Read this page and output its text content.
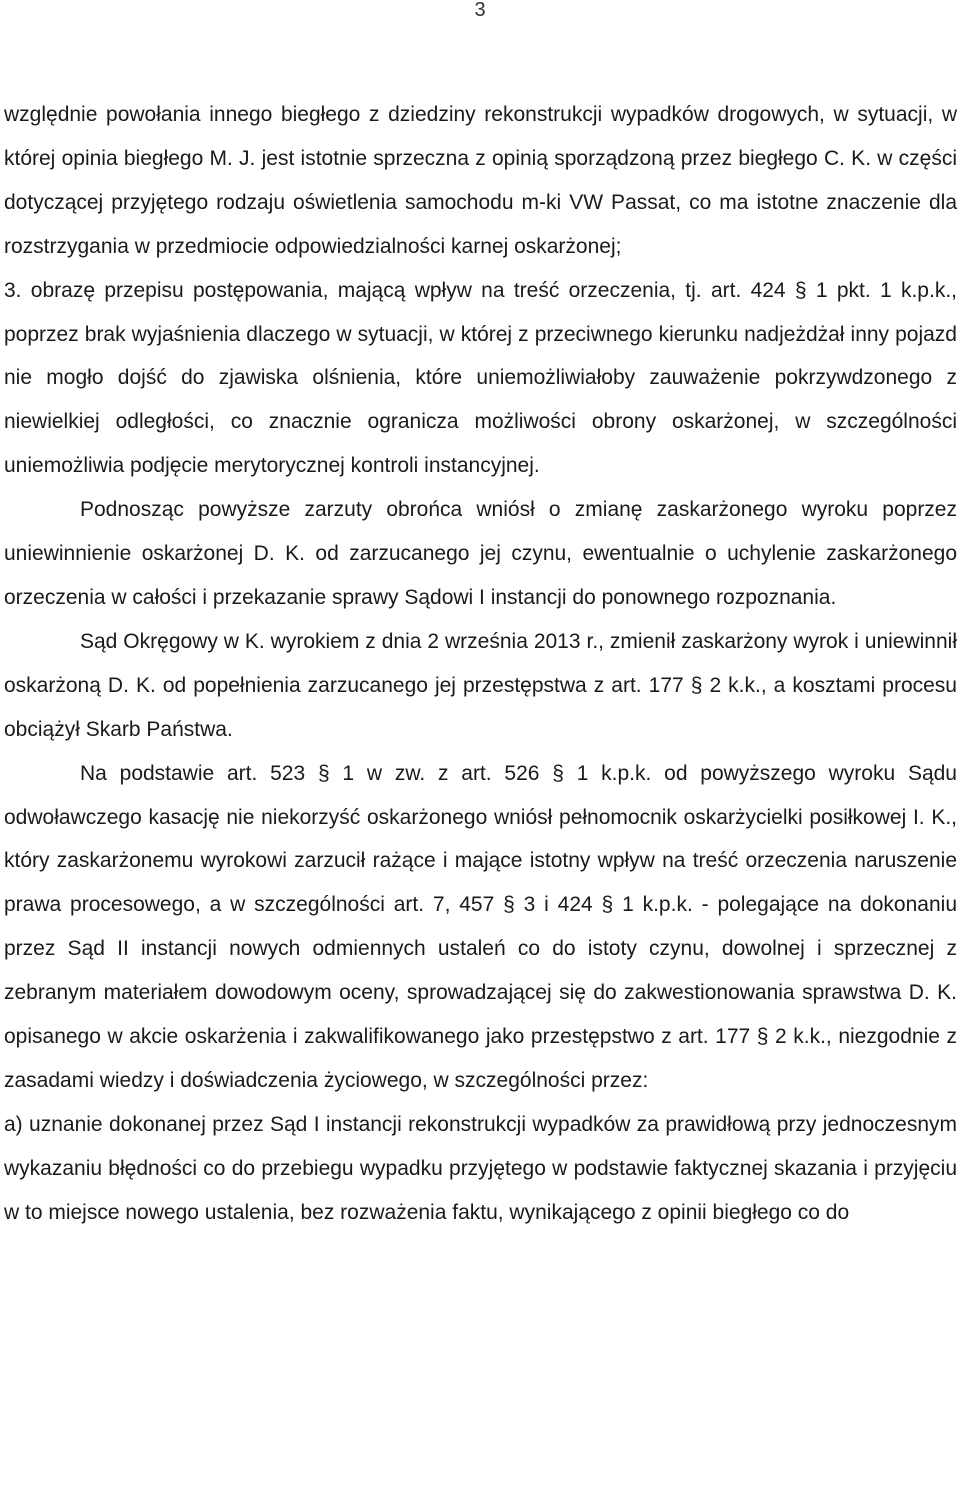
3

względnie powołania innego biegłego z dziedziny rekonstrukcji wypadków drogowych, w sytuacji, w której opinia biegłego M. J. jest istotnie sprzeczna z opinią sporządzoną przez biegłego C. K. w części dotyczącej przyjętego rodzaju oświetlenia samochodu m-ki VW Passat, co ma istotne znaczenie dla rozstrzygania w przedmiocie odpowiedzialności karnej oskarżonej;

3. obrazę przepisu postępowania, mającą wpływ na treść orzeczenia, tj. art. 424 § 1 pkt. 1 k.p.k., poprzez brak wyjaśnienia dlaczego w sytuacji, w której z przeciwnego kierunku nadjeżdżał inny pojazd nie mogło dojść do zjawiska olśnienia, które uniemożliwiałoby zauważenie pokrzywdzonego z niewielkiej odległości, co znacznie ogranicza możliwości obrony oskarżonej, w szczególności uniemożliwia podjęcie merytorycznej kontroli instancyjnej.

Podnosząc powyższe zarzuty obrońca wniósł o zmianę zaskarżonego wyroku poprzez uniewinnienie oskarżonej D. K. od zarzucanego jej czynu, ewentualnie o uchylenie zaskarżonego orzeczenia w całości i przekazanie sprawy Sądowi I instancji do ponownego rozpoznania.

Sąd Okręgowy w K. wyrokiem z dnia 2 września 2013 r., zmienił zaskarżony wyrok i uniewinnił oskarżoną D. K. od popełnienia zarzucanego jej przestępstwa z art. 177 § 2 k.k., a kosztami procesu obciążył Skarb Państwa.

Na podstawie art. 523 § 1 w zw. z art. 526 § 1 k.p.k. od powyższego wyroku Sądu odwoławczego kasację nie niekorzyść oskarżonego wniósł pełnomocnik oskarżycielki posiłkowej I. K., który zaskarżonemu wyrokowi zarzucił rażące i mające istotny wpływ na treść orzeczenia naruszenie prawa procesowego, a w szczególności art. 7, 457 § 3 i 424 § 1 k.p.k. - polegające na dokonaniu przez Sąd II instancji nowych odmiennych ustaleń co do istoty czynu, dowolnej i sprzecznej z zebranym materiałem dowodowym oceny, sprowadzającej się do zakwestionowania sprawstwa D. K. opisanego w akcie oskarżenia i zakwalifikowanego jako przestępstwo z art. 177 § 2 k.k., niezgodnie z zasadami wiedzy i doświadczenia życiowego, w szczególności przez:

a) uznanie dokonanej przez Sąd I instancji rekonstrukcji wypadków za prawidłową przy jednoczesnym wykazaniu błędności co do przebiegu wypadku przyjętego w podstawie faktycznej skazania i przyjęciu w to miejsce nowego ustalenia, bez rozważenia faktu, wynikającego z opinii biegłego co do
